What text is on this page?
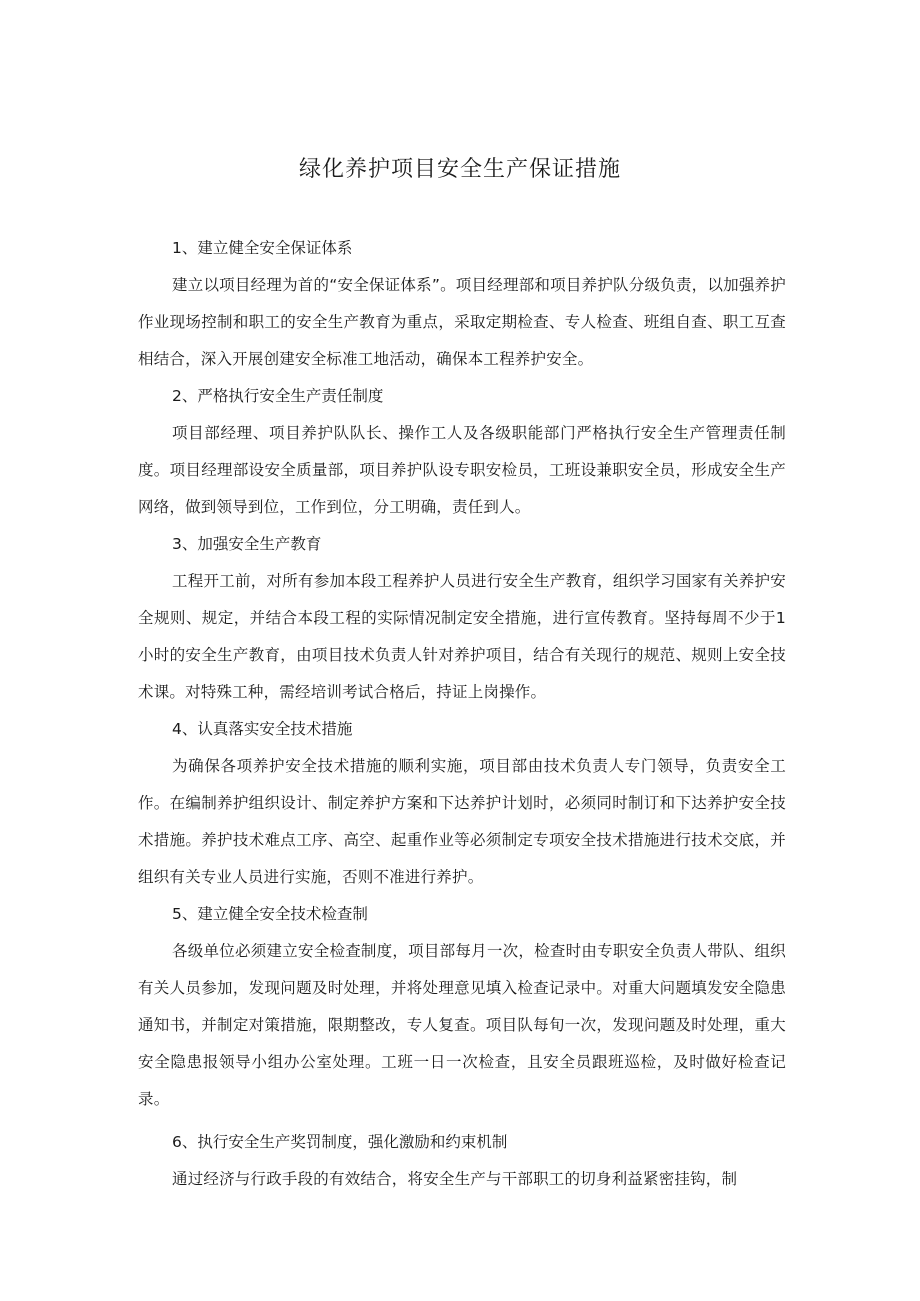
绿化养护项目安全生产保证措施

1、建立健全安全保证体系

建立以项目经理为首的“安全保证体系”。项目经理部和项目养护队分级负责，以加强养护作业现场控制和职工的安全生产教育为重点，采取定期检查、专人检查、班组自查、职工互查相结合，深入开展创建安全标准工地活动，确保本工程养护安全。

2、严格执行安全生产责任制度

项目部经理、项目养护队队长、操作工人及各级职能部门严格执行安全生产管理责任制度。项目经理部设安全质量部，项目养护队设专职安检员，工班设兼职安全员，形成安全生产网络，做到领导到位，工作到位，分工明确，责任到人。

3、加强安全生产教育

工程开工前，对所有参加本段工程养护人员进行安全生产教育，组织学习国家有关养护安全规则、规定，并结合本段工程的实际情况制定安全措施，进行宣传教育。坚持每周不少于1小时的安全生产教育，由项目技术负责人针对养护项目，结合有关现行的规范、规则上安全技术课。对特殊工种，需经培训考试合格后，持证上岗操作。

4、认真落实安全技术措施

为确保各项养护安全技术措施的顺利实施，项目部由技术负责人专门领导，负责安全工作。在编制养护组织设计、制定养护方案和下达养护计划时，必须同时制订和下达养护安全技术措施。养护技术难点工序、高空、起重作业等必须制定专项安全技术措施进行技术交底，并组织有关专业人员进行实施，否则不准进行养护。

5、建立健全安全技术检查制

各级单位必须建立安全检查制度，项目部每月一次，检查时由专职安全负责人带队、组织有关人员参加，发现问题及时处理，并将处理意见填入检查记录中。对重大问题填发安全隐患通知书，并制定对策措施，限期整改，专人复查。项目队每旬一次，发现问题及时处理，重大安全隐患报领导小组办公室处理。工班一日一次检查，且安全员跟班巡检，及时做好检查记录。

6、执行安全生产奖罚制度，强化激励和约束机制

通过经济与行政手段的有效结合，将安全生产与干部职工的切身利益紧密挂钩，制
